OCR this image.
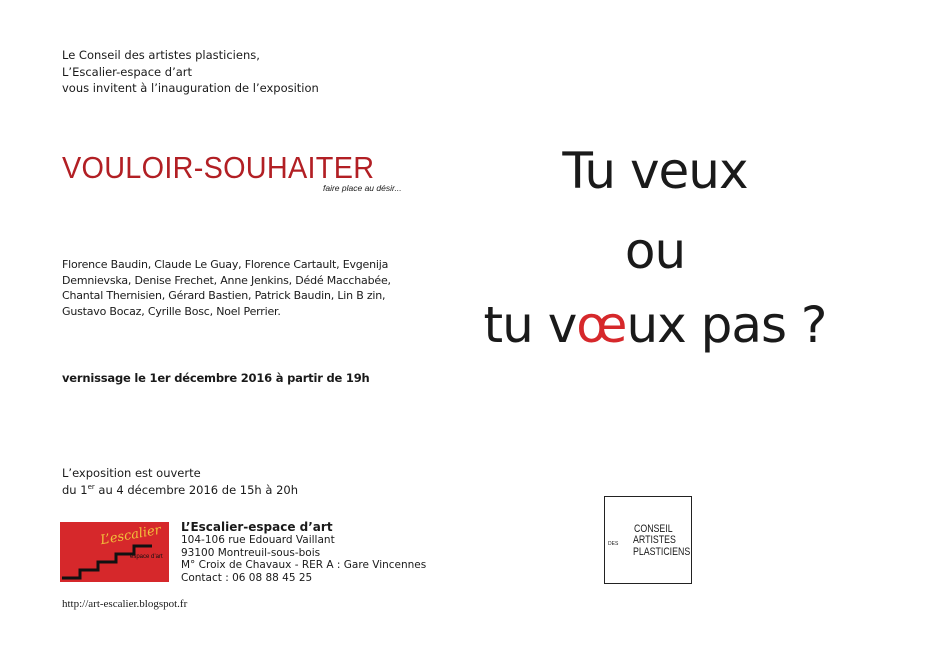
Le Conseil des artistes plasticiens,
L’Escalier-espace d’art
vous invitent à l’inauguration de l’exposition
VOULOIR-SOUHAITER
faire place au désir...
Florence Baudin, Claude Le Guay, Florence Cartault, Evgenija
Demnievska, Denise Frechet, Anne Jenkins, Dédé Macchabée,
Chantal Thernisien, Gérard Bastien, Patrick Baudin, Lin B zin,
Gustavo Bocaz, Cyrille Bosc, Noel Perrier.
vernissage le 1er décembre 2016 à partir de 19h
L’exposition est ouverte
du 1er au 4 décembre 2016 de 15h à 20h
L’escalier
espace d’art
L’Escalier-espace d’art
104-106 rue Edouard Vaillant
93100 Montreuil-sous-bois
M° Croix de Chavaux - RER A : Gare Vincennes
Contact : 06 08 88 45 25
http://art-escalier.blogspot.fr
Tu veux
ou
tu vœux pas ?
CONSEIL
DES ARTISTES
PLASTICIENS
